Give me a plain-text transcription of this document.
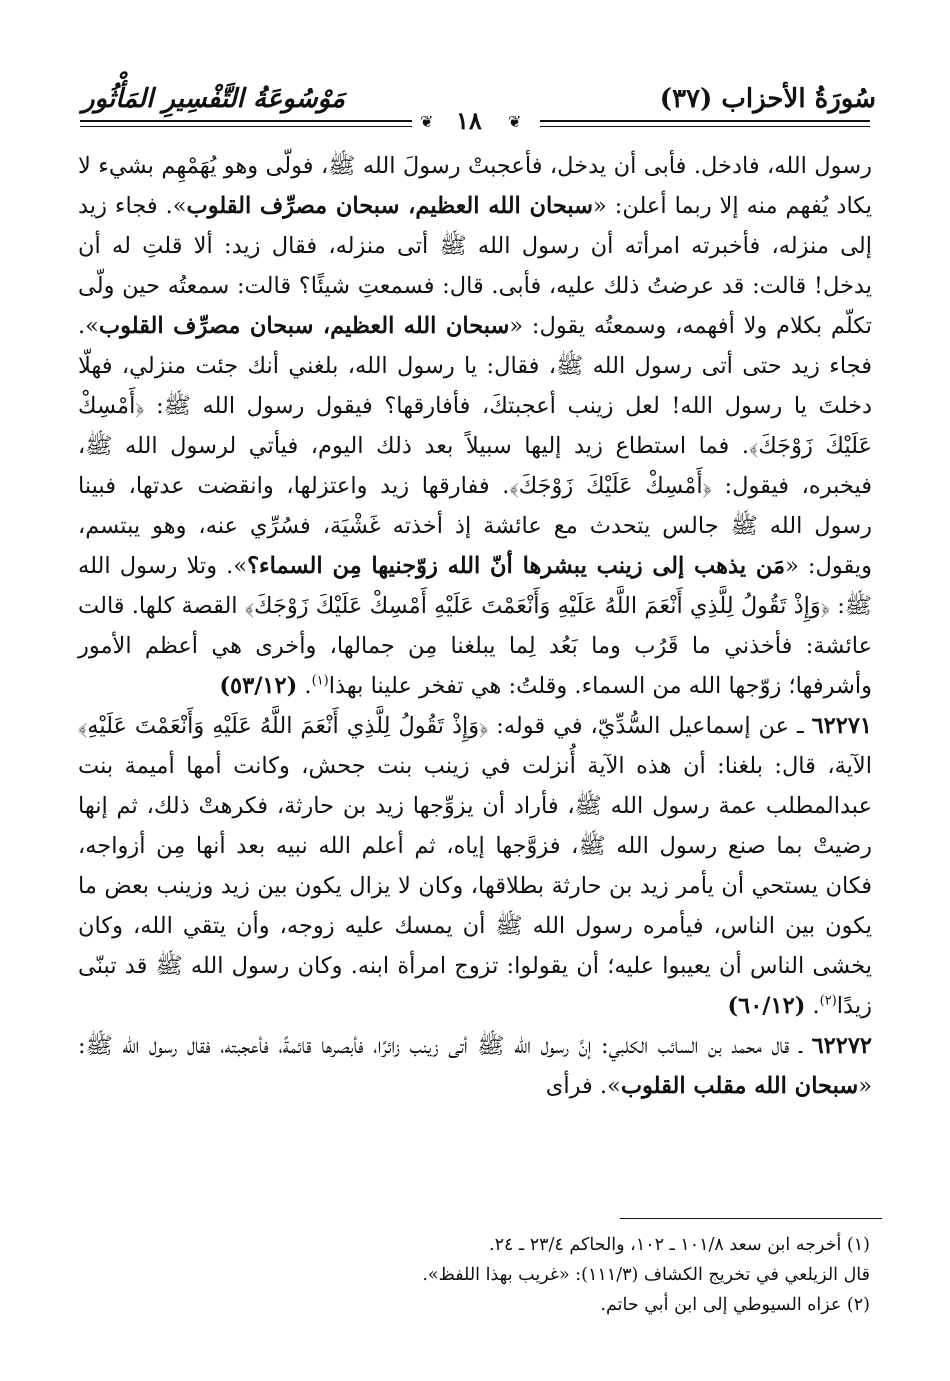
سُورَةُ الأحزاب (٣٧)
مَوْسُوعَةُ التَّفْسِيرِ المَأْثُور
❦
❦ ١٨

رسول الله، فادخل. فأبى أن يدخل، فأعجبتْ رسولَ الله ﷺ، فولّى وهو يُهَمْهِم بشيء لا يكاد يُفهم منه إلا ربما أعلن: «سبحان الله العظيم، سبحان مصرِّف القلوب». فجاء زيد إلى منزله، فأخبرته امرأته أن رسول الله ﷺ أتى منزله، فقال زيد: ألا قلتِ له أن يدخل! قالت: قد عرضتُ ذلك عليه، فأبى. قال: فسمعتِ شيئًا؟ قالت: سمعتُه حين ولّى تكلّم بكلام ولا أفهمه، وسمعتُه يقول: «سبحان الله العظيم، سبحان مصرِّف القلوب». فجاء زيد حتى أتى رسول الله ﷺ، فقال: يا رسول الله، بلغني أنك جئت منزلي، فهلّا دخلتَ يا رسول الله! لعل زينب أعجبتكَ، فأفارقها؟ فيقول رسول الله ﷺ: ﴿أَمْسِكْ عَلَيْكَ زَوْجَكَ﴾. فما استطاع زيد إليها سبيلاً بعد ذلك اليوم، فيأتي لرسول الله ﷺ، فيخبره، فيقول: ﴿أَمْسِكْ عَلَيْكَ زَوْجَكَ﴾. ففارقها زيد واعتزلها، وانقضت عدتها، فبينا رسول الله ﷺ جالس يتحدث مع عائشة إذ أخذته غَشْيَة، فسُرِّي عنه، وهو يبتسم، ويقول: «مَن يذهب إلى زينب يبشرها أنّ الله زوّجنيها مِن السماء؟». وتلا رسول الله ﷺ: ﴿وَإِذْ تَقُولُ لِلَّذِي أَنْعَمَ اللَّهُ عَلَيْهِ وَأَنْعَمْتَ عَلَيْهِ أَمْسِكْ عَلَيْكَ زَوْجَكَ﴾ القصة كلها. قالت عائشة: فأخذني ما قَرُب وما بَعُد لِما يبلغنا مِن جمالها، وأخرى هي أعظم الأمور وأشرفها؛ زوّجها الله من السماء. وقلتُ: هي تفخر علينا بهذا$^{(١)}$. (٥٣/١٢)

٦٢٢٧١ ـ عن إسماعيل السُّدِّيّ، في قوله: ﴿وَإِذْ تَقُولُ لِلَّذِي أَنْعَمَ اللَّهُ عَلَيْهِ وَأَنْعَمْتَ عَلَيْهِ﴾ الآية، قال: بلغنا: أن هذه الآية أُنزلت في زينب بنت جحش، وكانت أمها أميمة بنت عبدالمطلب عمة رسول الله ﷺ، فأراد أن يزوِّجها زيد بن حارثة، فكرهتْ ذلك، ثم إنها رضيتْ بما صنع رسول الله ﷺ، فزوَّجها إياه، ثم أعلم الله نبيه بعد أنها مِن أزواجه، فكان يستحي أن يأمر زيد بن حارثة بطلاقها، وكان لا يزال يكون بين زيد وزينب بعض ما يكون بين الناس، فيأمره رسول الله ﷺ أن يمسك عليه زوجه، وأن يتقي الله، وكان يخشى الناس أن يعيبوا عليه؛ أن يقولوا: تزوج امرأة ابنه. وكان رسول الله ﷺ قد تبنّى زيدًا$^{(٢)}$. (٦٠/١٢)

٦٢٢٧٢ ـ قال محمد بن السائب الكلبي: إنَّ رسول الله ﷺ أتى زينب زائرًا، فأبصرها قائمةً، فأعجبته، فقال رسول الله ﷺ: «سبحان الله مقلب القلوب». فرأى

(١) أخرجه ابن سعد ١٠١/٨ ـ ١٠٢، والحاكم ٢٣/٤ ـ ٢٤.
قال الزيلعي في تخريج الكشاف (١١١/٣): «غريب بهذا اللفظ».
(٢) عزاه السيوطي إلى ابن أبي حاتم.
